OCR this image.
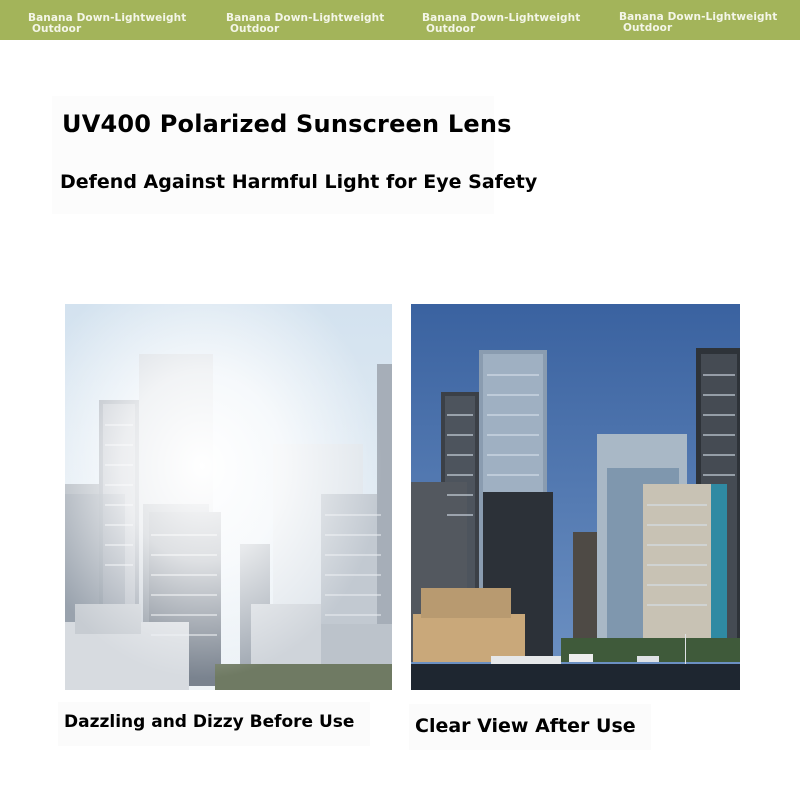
Banana Down-Lightweight
Outdoor
Banana Down-Lightweight
Outdoor
Banana Down-Lightweight
Outdoor
Banana Down-Lightweight
Outdoor
UV400 Polarized Sunscreen Lens
Defend Against Harmful Light for Eye Safety
Dazzling and Dizzy Before Use	Clear View After Use
